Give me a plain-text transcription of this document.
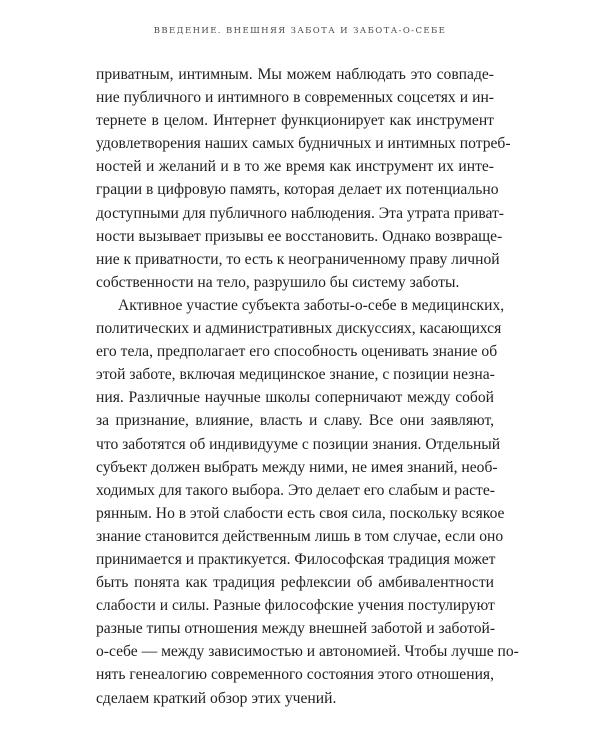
ВВЕДЕНИЕ. ВНЕШНЯЯ ЗАБОТА И ЗАБОТА-О-СЕБЕ
приватным, интимным. Мы можем наблюдать это совпаде-
ние публичного и интимного в современных соцсетях и ин-
тернете в целом. Интернет функционирует как инструмент
удовлетворения наших самых будничных и интимных потреб-
ностей и желаний и в то же время как инструмент их инте-
грации в цифровую память, которая делает их потенциально
доступными для публичного наблюдения. Эта утрата приват-
ности вызывает призывы ее восстановить. Однако возвраще-
ние к приватности, то есть к неограниченному праву личной
собственности на тело, разрушило бы систему заботы.
Активное участие субъекта заботы-о-себе в медицинских,
политических и административных дискуссиях, касающихся
его тела, предполагает его способность оценивать знание об
этой заботе, включая медицинское знание, с позиции незна-
ния. Различные научные школы соперничают между собой
за признание, влияние, власть и славу. Все они заявляют,
что заботятся об индивидууме с позиции знания. Отдельный
субъект должен выбрать между ними, не имея знаний, необ-
ходимых для такого выбора. Это делает его слабым и расте-
рянным. Но в этой слабости есть своя сила, поскольку всякое
знание становится действенным лишь в том случае, если оно
принимается и практикуется. Философская традиция может
быть понята как традиция рефлексии об амбивалентности
слабости и силы. Разные философские учения постулируют
разные типы отношения между внешней заботой и заботой-
о-себе — между зависимостью и автономией. Чтобы лучше по-
нять генеалогию современного состояния этого отношения,
сделаем краткий обзор этих учений.
